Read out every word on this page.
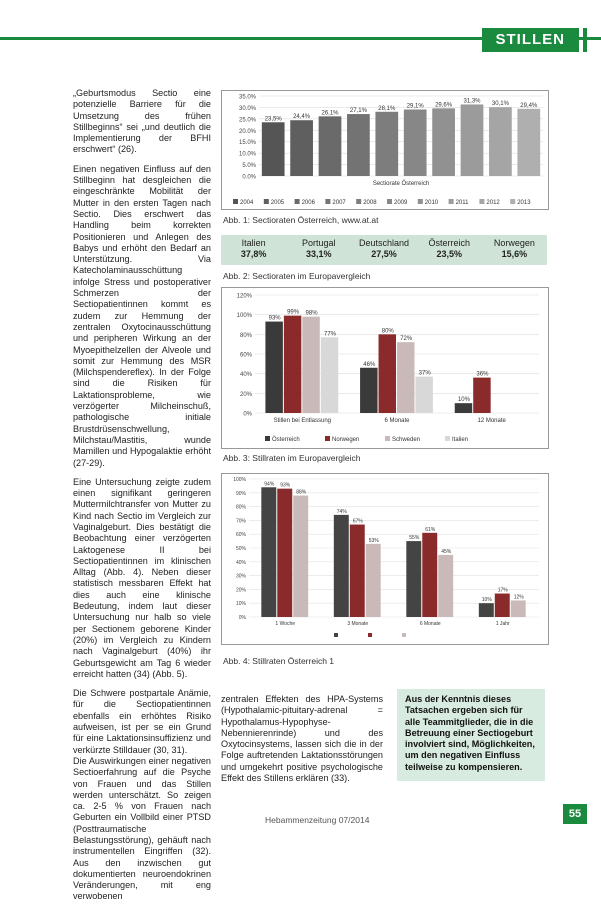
STILLEN

„Geburtsmodus Sectio eine potenzielle Barriere für die Umsetzung des frühen Stillbeginns“ sei „und deutlich die Implementierung der BFHI erschwert“ (26).

Einen negativen Einfluss auf den Stillbeginn hat desgleichen die eingeschränkte Mobilität der Mutter in den ersten Tagen nach Sectio. Dies erschwert das Handling beim korrekten Positionieren und Anlegen des Babys und erhöht den Bedarf an Unterstützung. Via Katecholaminausschüttung infolge Stress und postoperativer Schmerzen der Sectiopatientinnen kommt es zudem zur Hemmung der zentralen Oxytocinausschüttung und peripheren Wirkung an der Myoepithelzellen der Alveole und somit zur Hemmung des MSR (Milchspendereflex). In der Folge sind die Risiken für Laktationsprobleme, wie verzögerter Milcheinschuß, pathologische initiale Brustdrüsenschwellung, Milchstau/Mastitis, wunde Mamillen und Hypogalaktie erhöht (27-29).

Eine Untersuchung zeigte zudem einen signifikant geringeren Muttermilchtransfer von Mutter zu Kind nach Sectio im Vergleich zur Vaginalgeburt. Dies bestätigt die Beobachtung einer verzögerten Laktogenese II bei Sectiopatientinnen im klinischen Alltag (Abb. 4). Neben dieser statistisch messbaren Effekt hat dies auch eine klinische Bedeutung, indem laut dieser Untersuchung nur halb so viele per Sectionem geborene Kinder (20%) im Vergleich zu Kindern nach Vaginalgeburt (40%) ihr Geburtsgewicht am Tag 6 wieder erreicht hatten (34) (Abb. 5).

Die Schwere postpartale Anämie, für die Sectiopatientinnen ebenfalls ein erhöhtes Risiko aufweisen, ist per se ein Grund für eine Laktationsinsuffizienz und verkürzte Stilldauer (30, 31).

Die Auswirkungen einer negativen Sectioerfahrung auf die Psyche von Frauen und das Stillen werden unterschätzt. So zeigen ca. 2-5 % von Frauen nach Geburten ein Vollbild einer PTSD (Posttraumatische Belastungsstörung), gehäuft nach instrumentellen Eingriffen (32). Aus den inzwischen gut dokumentierten neuroendokrinen Veränderungen, mit eng verwobenen

0.0%
5.0%
10.0%
15.0%
20.0%
25.0%
30.0%
35.0%
23,5% 24,4%
26,1% 27,1% 28,1% 29,1% 29,6%
31,3% 30,1% 29,4%
Sectiorate Österreich
2004	2005	2006	2007	2008	2009	2010	2011	2012	2013
Abb. 1: Sectioraten Österreich, www.at.at
Italien
37,8%
Portugal
33,1%
Deutschland
27,5%
Österreich
23,5%
Norwegen
15,6%
Abb. 2: Sectioraten im Europavergleich
0%
20%
40%
60%
80%
100%
120%
93%
99% 98%
77%
Stillen bei Entlassung
46%
80%
72%
37%
6 Monate
10%
36%
12 Monate
Österreich	Norwegen	Schweden	Italien
Abb. 3: Stillraten im Europavergleich
0%
10%
20%
30%
40%
50%
60%
70%
80%
90%
100%
94% 93%
88%
1 Woche
74%
67%
53%
3 Monate
55%
61%
45%
6 Monate
10%
17%
12%
1 Jahr
Abb. 4: Stillraten Österreich 1
zentralen Effekten des HPA-Systems (Hypothalamic-pituitary-adrenal = Hypothalamus-Hypophyse-Nebennierenrinde) und des Oxytocinsystems, lassen sich die in der Folge auftretenden Laktationsstörungen und umgekehrt positive psychologische Effekt des Stillens erklären (33).
Aus der Kenntnis dieses Tatsachen ergeben sich für alle Teammitglieder, die in die Betreuung einer Sectiogeburt involviert sind, Möglichkeiten, um den negativen Einfluss teilweise zu kompensieren.
Hebammenzeitung 07/2014	55
